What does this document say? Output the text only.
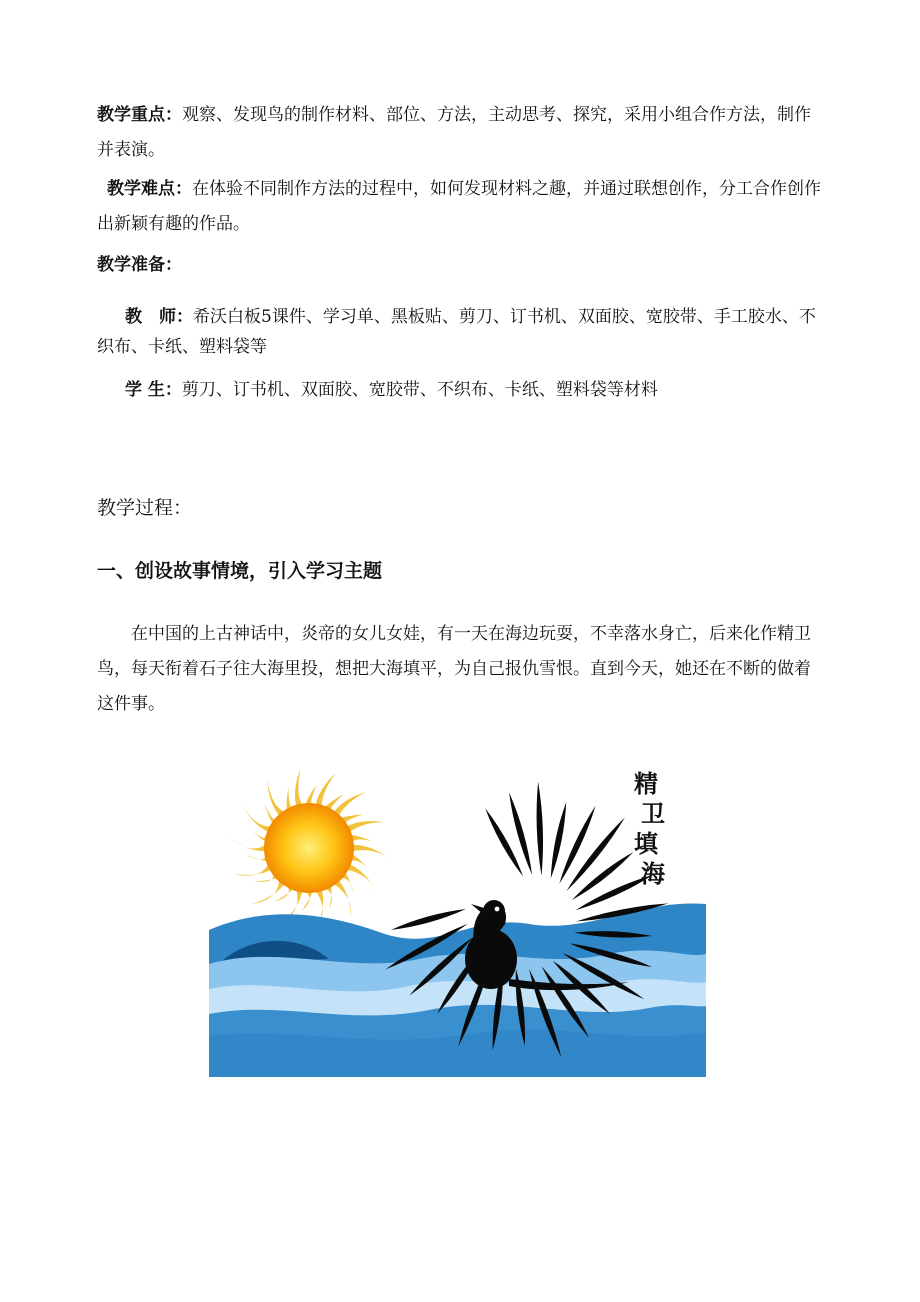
教学重点：观察、发现鸟的制作材料、部位、方法，主动思考、探究，采用小组合作方法，制作并表演。
教学难点：在体验不同制作方法的过程中，如何发现材料之趣，并通过联想创作，分工合作创作出新颖有趣的作品。
教学准备：
教　师：希沃白板5课件、学习单、黑板贴、剪刀、订书机、双面胶、宽胶带、手工胶水、不织布、卡纸、塑料袋等
学 生：剪刀、订书机、双面胶、宽胶带、不织布、卡纸、塑料袋等材料
教学过程：
一、创设故事情境，引入学习主题
在中国的上古神话中，炎帝的女儿女娃，有一天在海边玩耍，不幸落水身亡，后来化作精卫鸟，每天衔着石子往大海里投，想把大海填平，为自己报仇雪恨。直到今天，她还在不断的做着这件事。
精 卫 填 海
